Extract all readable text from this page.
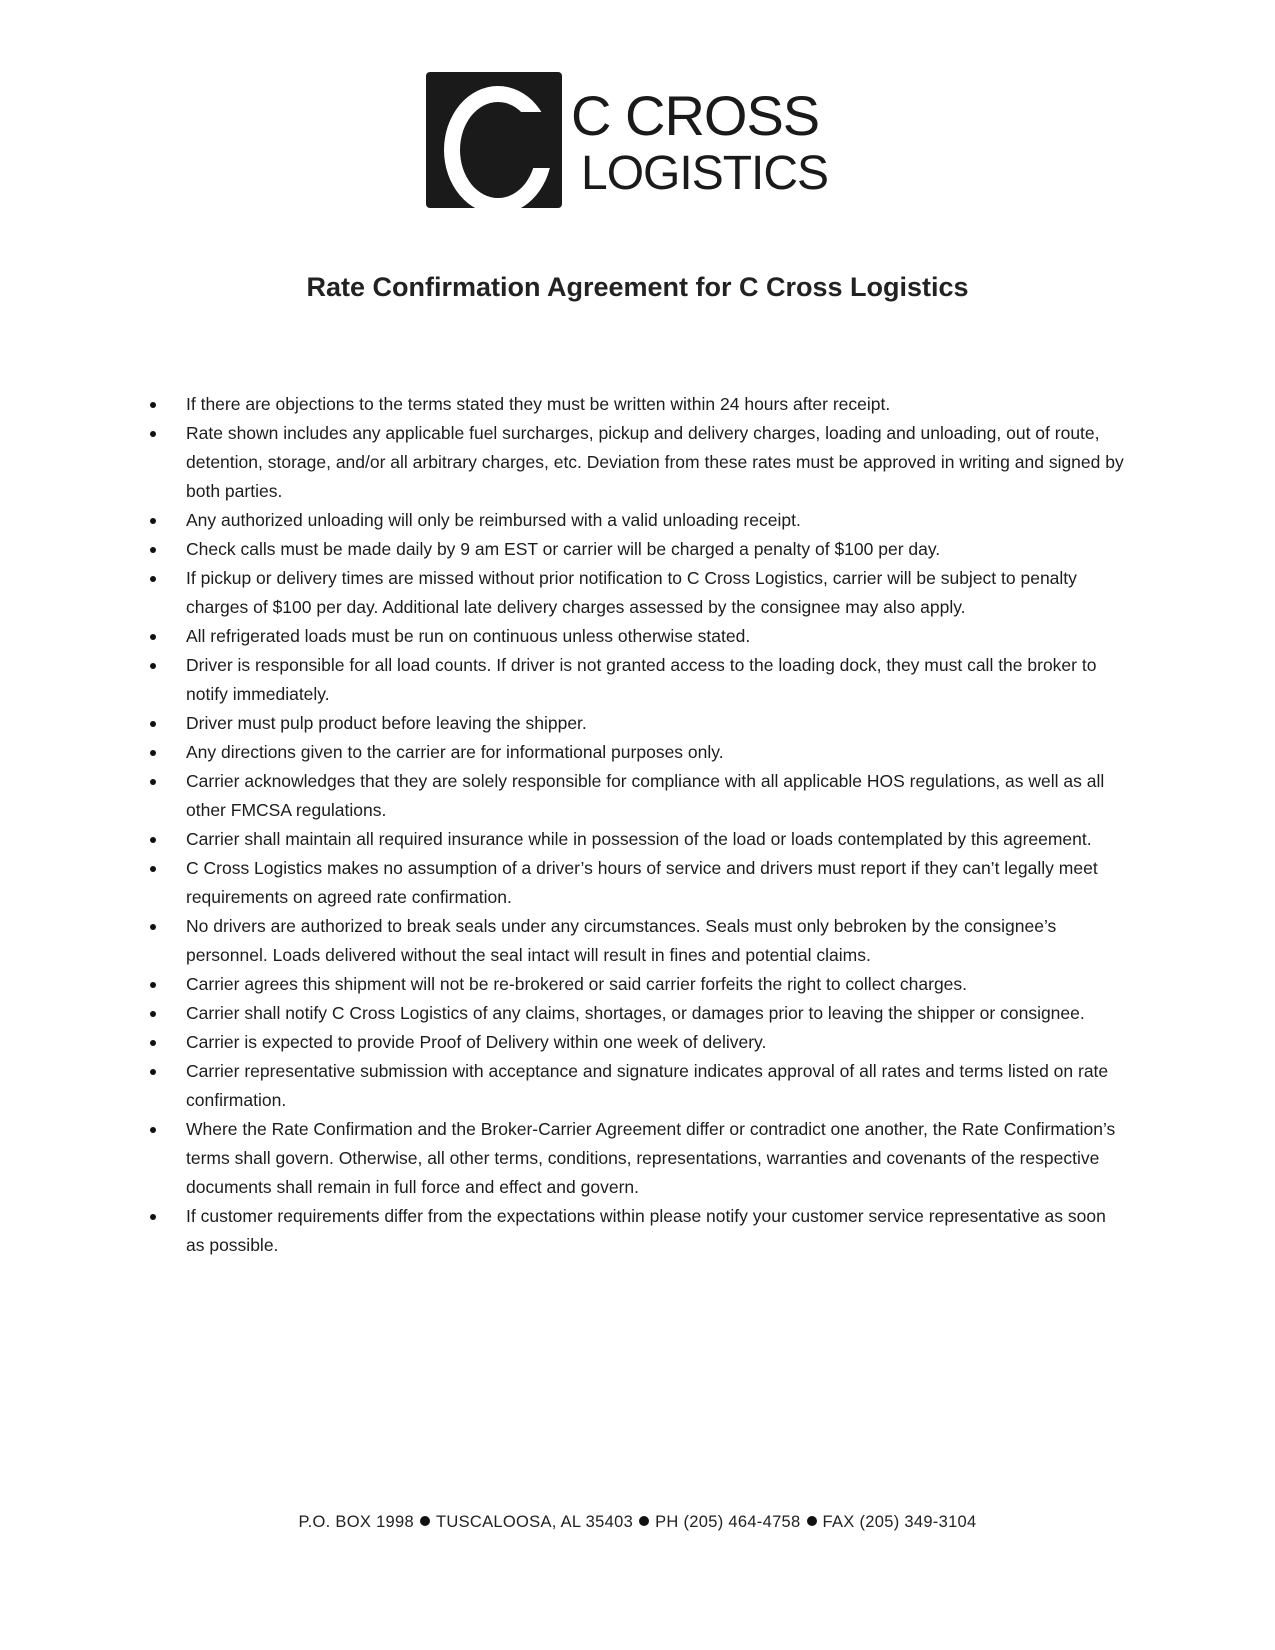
C CROSS
LOGISTICS
Rate Confirmation Agreement for C Cross Logistics
If there are objections to the terms stated they must be written within 24 hours after receipt.
Rate shown includes any applicable fuel surcharges, pickup and delivery charges, loading and unloading, out of route, detention, storage, and/or all arbitrary charges, etc. Deviation from these rates must be approved in writing and signed by both parties.
Any authorized unloading will only be reimbursed with a valid unloading receipt.
Check calls must be made daily by 9 am EST or carrier will be charged a penalty of $100 per day.
If pickup or delivery times are missed without prior notification to C Cross Logistics, carrier will be subject to penalty charges of $100 per day. Additional late delivery charges assessed by the consignee may also apply.
All refrigerated loads must be run on continuous unless otherwise stated.
Driver is responsible for all load counts. If driver is not granted access to the loading dock, they must call the broker to notify immediately.
Driver must pulp product before leaving the shipper.
Any directions given to the carrier are for informational purposes only.
Carrier acknowledges that they are solely responsible for compliance with all applicable HOS regulations, as well as all other FMCSA regulations.
Carrier shall maintain all required insurance while in possession of the load or loads contemplated by this agreement.
C Cross Logistics makes no assumption of a driver’s hours of service and drivers must report if they can’t legally meet requirements on agreed rate confirmation.
No drivers are authorized to break seals under any circumstances. Seals must only bebroken by the consignee’s personnel. Loads delivered without the seal intact will result in fines and potential claims.
Carrier agrees this shipment will not be re-brokered or said carrier forfeits the right to collect charges.
Carrier shall notify C Cross Logistics of any claims, shortages, or damages prior to leaving the shipper or consignee.
Carrier is expected to provide Proof of Delivery within one week of delivery.
Carrier representative submission with acceptance and signature indicates approval of all rates and terms listed on rate confirmation.
Where the Rate Confirmation and the Broker-Carrier Agreement differ or contradict one another, the Rate Confirmation’s terms shall govern. Otherwise, all other terms, conditions, representations, warranties and covenants of the respective documents shall remain in full force and effect and govern.
If customer requirements differ from the expectations within please notify your customer service representative as soon as possible.
P.O. BOX 1998 TUSCALOOSA, AL 35403 PH (205) 464-4758 FAX (205) 349-3104
